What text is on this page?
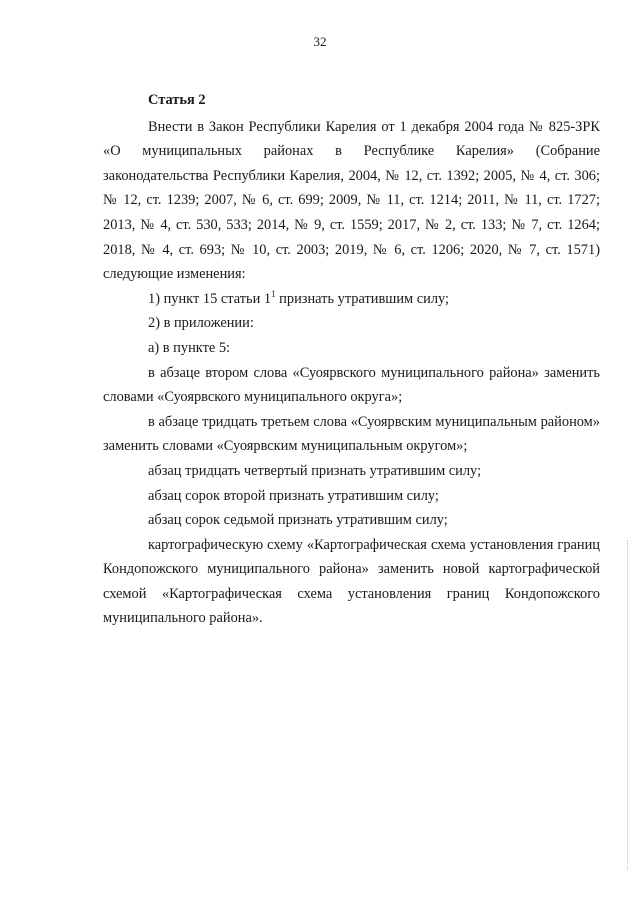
32

Статья 2

Внести в Закон Республики Карелия от 1 декабря 2004 года № 825-ЗРК «О муниципальных районах в Республике Карелия» (Собрание законодательства Республики Карелия, 2004, № 12, ст. 1392; 2005, № 4, ст. 306; № 12, ст. 1239; 2007, № 6, ст. 699; 2009, № 11, ст. 1214; 2011, № 11, ст. 1727; 2013, № 4, ст. 530, 533; 2014, № 9, ст. 1559; 2017, № 2, ст. 133; № 7, ст. 1264; 2018, № 4, ст. 693; № 10, ст. 2003; 2019, № 6, ст. 1206; 2020, № 7, ст. 1571) следующие изменения:

1) пункт 15 статьи $1^1$ признать утратившим силу;

2) в приложении:

а) в пункте 5:

в абзаце втором слова «Суоярвского муниципального района» заменить словами «Суоярвского муниципального округа»;

в абзаце тридцать третьем слова «Суоярвским муниципальным районом» заменить словами «Суоярвским муниципальным округом»;

абзац тридцать четвертый признать утратившим силу;

абзац сорок второй признать утратившим силу;

абзац сорок седьмой признать утратившим силу;

картографическую схему «Картографическая схема установления границ Кондопожского муниципального района» заменить новой картографической схемой «Картографическая схема установления границ Кондопожского муниципального района».
